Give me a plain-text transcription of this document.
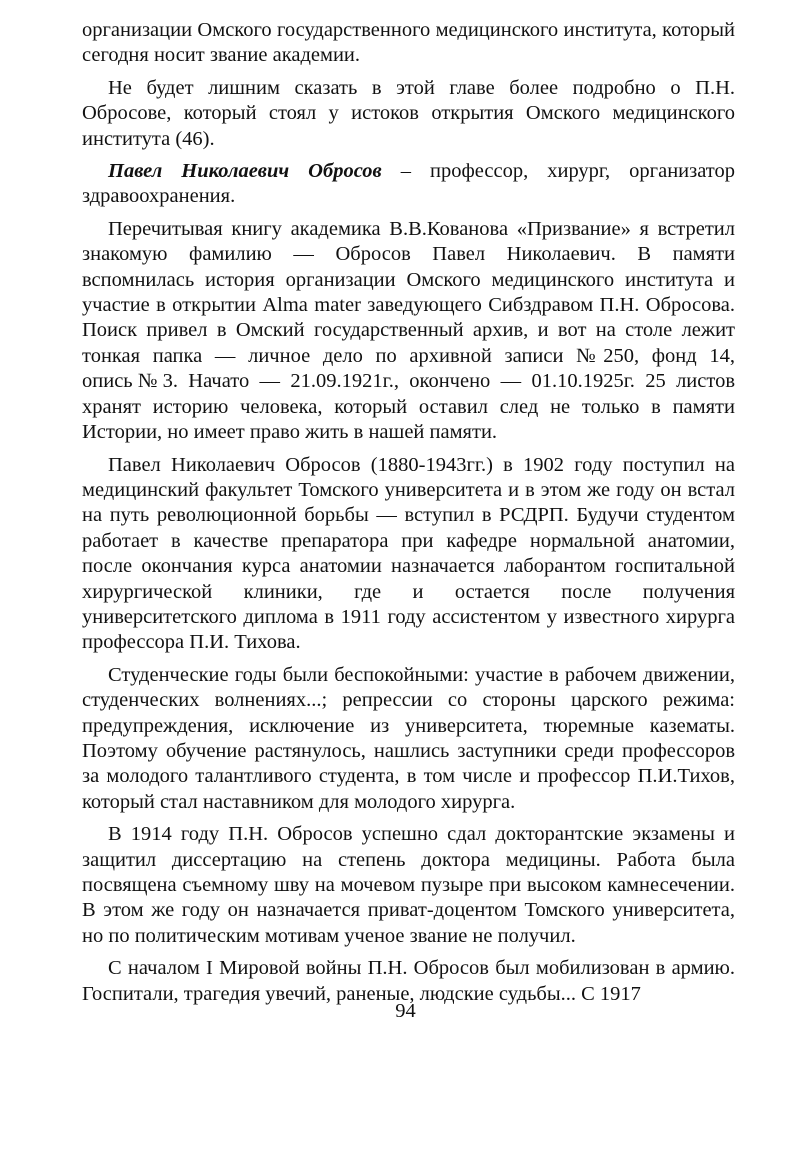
организации Омского государственного медицинского института, который сегодня носит звание академии.

Не будет лишним сказать в этой главе более подробно о П.Н. Обросове, который стоял у истоков открытия Омского медицинского института (46).

Павел Николаевич Обросов – профессор, хирург, организатор здравоохранения.

Перечитывая книгу академика В.В.Кованова «Призвание» я встретил знакомую фамилию — Обросов Павел Николаевич. В памяти вспомнилась история организации Омского медицинского института и участие в открытии Alma mater заведующего Сибздравом П.Н. Обросова. Поиск привел в Омский государственный архив, и вот на столе лежит тонкая папка — личное дело по архивной записи №250, фонд 14, опись№3. Начато — 21.09.1921г., окончено — 01.10.1925г. 25 листов хранят историю человека, который оставил след не только в памяти Истории, но имеет право жить в нашей памяти.

Павел Николаевич Обросов (1880-1943гг.) в 1902 году поступил на медицинский факультет Томского университета и в этом же году он встал на путь революционной борьбы — вступил в РСДРП. Будучи студентом работает в качестве препаратора при кафедре нормальной анатомии, после окончания курса анатомии назначается лаборантом госпитальной хирургической клиники, где и остается после получения университетского диплома в 1911 году ассистентом у известного хирурга профессора П.И. Тихова.

Студенческие годы были беспокойными: участие в рабочем движении, студенческих волнениях...; репрессии со стороны царского режима: предупреждения, исключение из университета, тюремные казематы. Поэтому обучение растянулось, нашлись заступники среди профессоров за молодого талантливого студента, в том числе и профессор П.И.Тихов, который стал наставником для молодого хирурга.

В 1914 году П.Н. Обросов успешно сдал докторантские экзамены и защитил диссертацию на степень доктора медицины. Работа была посвящена съемному шву на мочевом пузыре при высоком камнесечении. В этом же году он назначается приват-доцентом Томского университета, но по политическим мотивам ученое звание не получил.

С началом I Мировой войны П.Н. Обросов был мобилизован в армию. Госпитали, трагедия увечий, раненые, людские судьбы... С 1917

94
